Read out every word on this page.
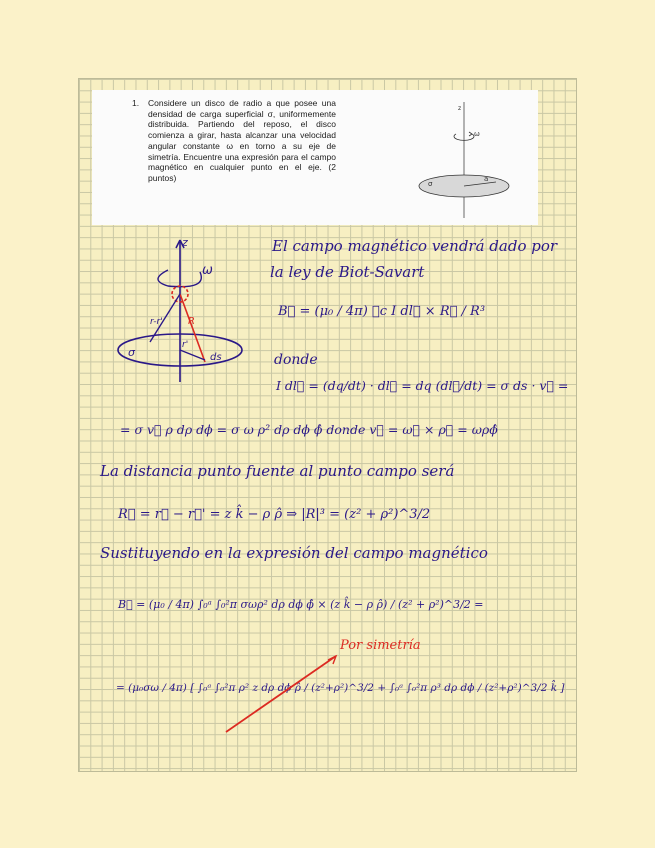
1. Considere un disco de radio a que posee una densidad de carga superficial σ, uniformemente distribuida. Partiendo del reposo, el disco comienza a girar, hasta alcanzar una velocidad angular constante ω en torno a su eje de simetría. Encuentre una expresión para el campo magnético en cualquier punto en el eje. (2 puntos)

z
ω
σ
a
z
ω
r-r'	R
r'
ds
σ
El campo magnético vendrá dado por
la ley de Biot-Savart
B⃗ = (μ₀ / 4π) ∮c I dl⃗ × R⃗ / R³
donde
I dl⃗ = (dq/dt) · dl⃗ = dq (dl⃗/dt) = σ ds · v⃗ =
= σ v⃗ ρ dρ dϕ = σ ω ρ² dρ dϕ ϕ̂ donde v⃗ = ω⃗ × ρ⃗ = ωρϕ̂
La distancia punto fuente al punto campo será
R⃗ = r⃗ − r⃗' = z k̂ − ρ ρ̂ ⇒ |R|³ = (z² + ρ²)^3/2
Sustituyendo en la expresión del campo magnético
B⃗ = (μ₀ / 4π) ∫₀ᵃ ∫₀²π σωρ² dρ dϕ ϕ̂ × (z k̂ − ρ ρ̂) / (z² + ρ²)^3/2 =
Por simetría
= (μ₀σω / 4π) [ ∫₀ᵃ ∫₀²π ρ² z dρ dϕ ρ̂ / (z²+ρ²)^3/2 + ∫₀ᵃ ∫₀²π ρ³ dρ dϕ / (z²+ρ²)^3/2 k̂ ]
